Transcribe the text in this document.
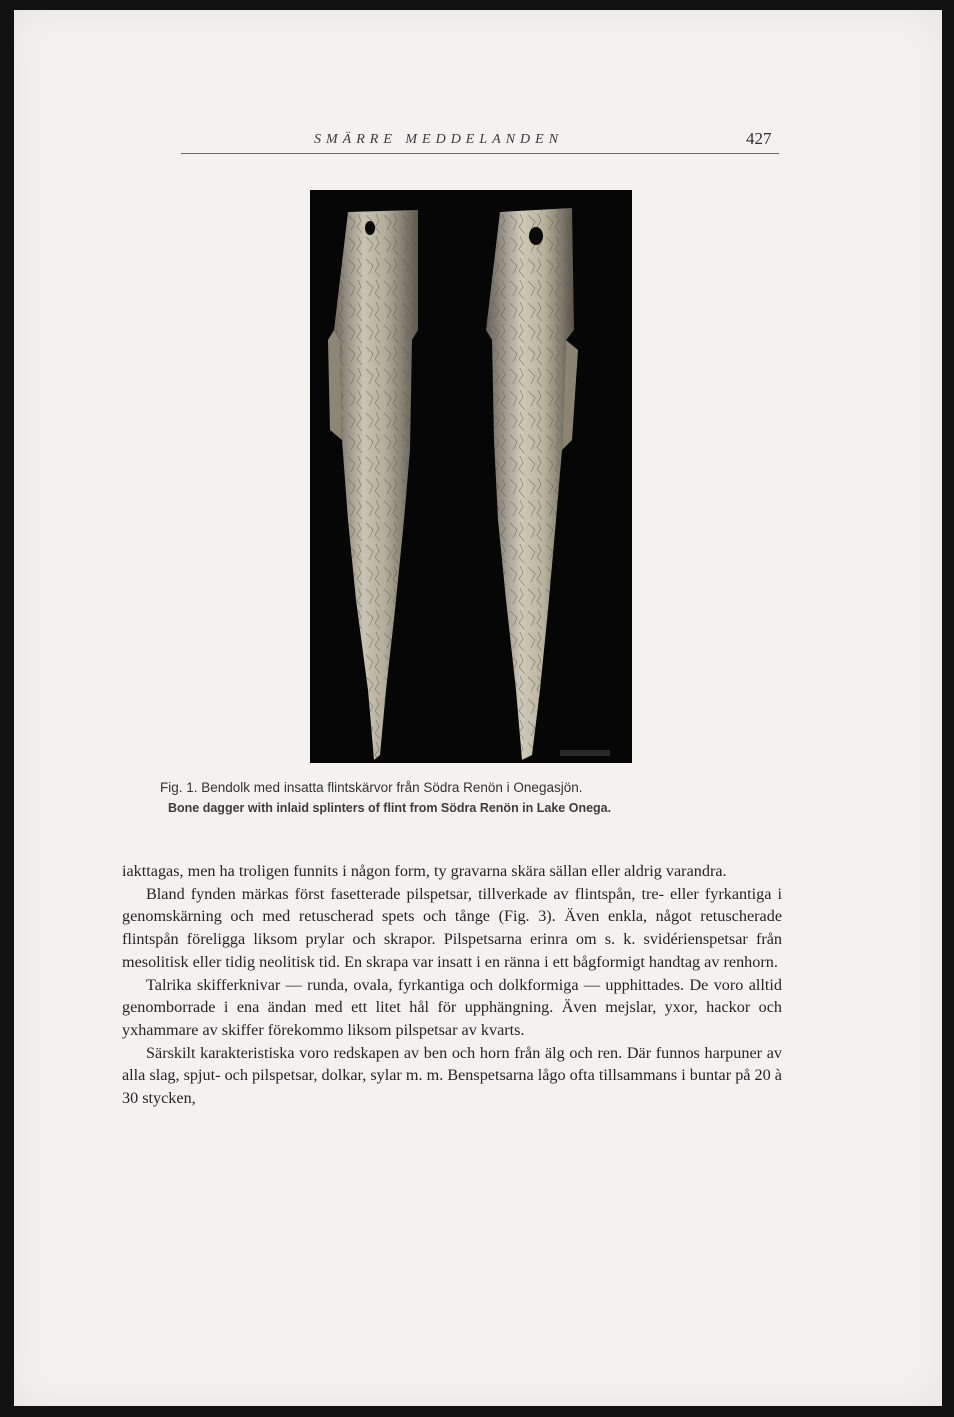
SMÄRRE MEDDELANDEN	427
Fig. 1. Bendolk med insatta flintskärvor från Södra Renön i Onegasjön.
Bone dagger with inlaid splinters of flint from Södra Renön in Lake Onega.

iakttagas, men ha troligen funnits i någon form, ty gravarna skära sällan eller aldrig varandra.

Bland fynden märkas först fasetterade pilspetsar, tillverkade av flintspån, tre- eller fyrkantiga i genomskärning och med retuscherad spets och tånge (Fig. 3). Även enkla, något retuscherade flintspån föreligga liksom prylar och skrapor. Pilspetsarna erinra om s. k. svidérienspetsar från mesolitisk eller tidig neolitisk tid. En skrapa var insatt i en ränna i ett bågformigt handtag av renhorn.

Talrika skifferknivar — runda, ovala, fyrkantiga och dolkformiga — upphittades. De voro alltid genomborrade i ena ändan med ett litet hål för upphängning. Även mejslar, yxor, hackor och yxhammare av skiffer förekommo liksom pilspetsar av kvarts.

Särskilt karakteristiska voro redskapen av ben och horn från älg och ren. Där funnos harpuner av alla slag, spjut- och pilspetsar, dolkar, sylar m. m. Benspetsarna lågo ofta tillsammans i buntar på 20 à 30 stycken,
